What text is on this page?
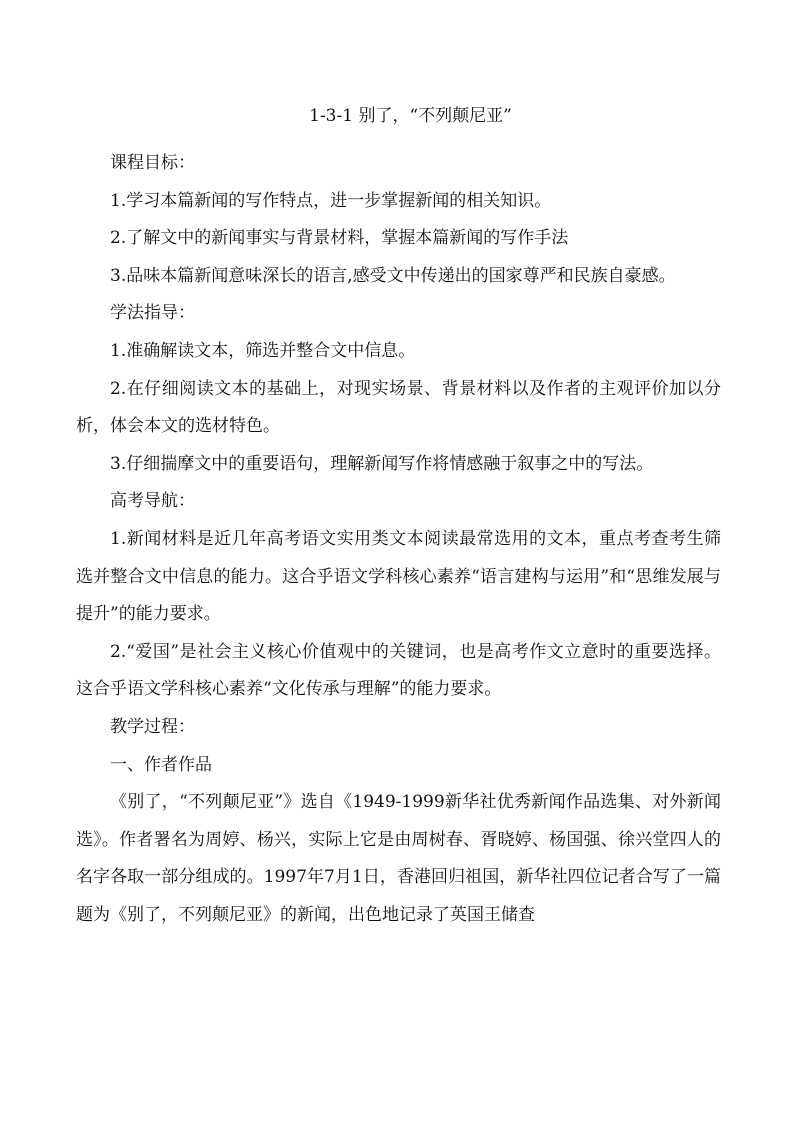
1-3-1 别了，“不列颠尼亚”

课程目标：

1.学习本篇新闻的写作特点，进一步掌握新闻的相关知识。

2.了解文中的新闻事实与背景材料，掌握本篇新闻的写作手法

3.品味本篇新闻意味深长的语言,感受文中传递出的国家尊严和民族自豪感。

学法指导：

1.准确解读文本，筛选并整合文中信息。

2.在仔细阅读文本的基础上，对现实场景、背景材料以及作者的主观评价加以分析，体会本文的选材特色。

3.仔细揣摩文中的重要语句，理解新闻写作将情感融于叙事之中的写法。

高考导航：

1.新闻材料是近几年高考语文实用类文本阅读最常选用的文本，重点考查考生筛选并整合文中信息的能力。这合乎语文学科核心素养“语言建构与运用”和“思维发展与提升”的能力要求。

2.“爱国”是社会主义核心价值观中的关键词，也是高考作文立意时的重要选择。这合乎语文学科核心素养“文化传承与理解”的能力要求。

教学过程：

一、作者作品

《别了，“不列颠尼亚”》选自《1949-1999新华社优秀新闻作品选集、对外新闻选》。作者署名为周婷、杨兴，实际上它是由周树春、胥晓婷、杨国强、徐兴堂四人的名字各取一部分组成的。1997年7月1日，香港回归祖国，新华社四位记者合写了一篇题为《别了，不列颠尼亚》的新闻，出色地记录了英国王储查
